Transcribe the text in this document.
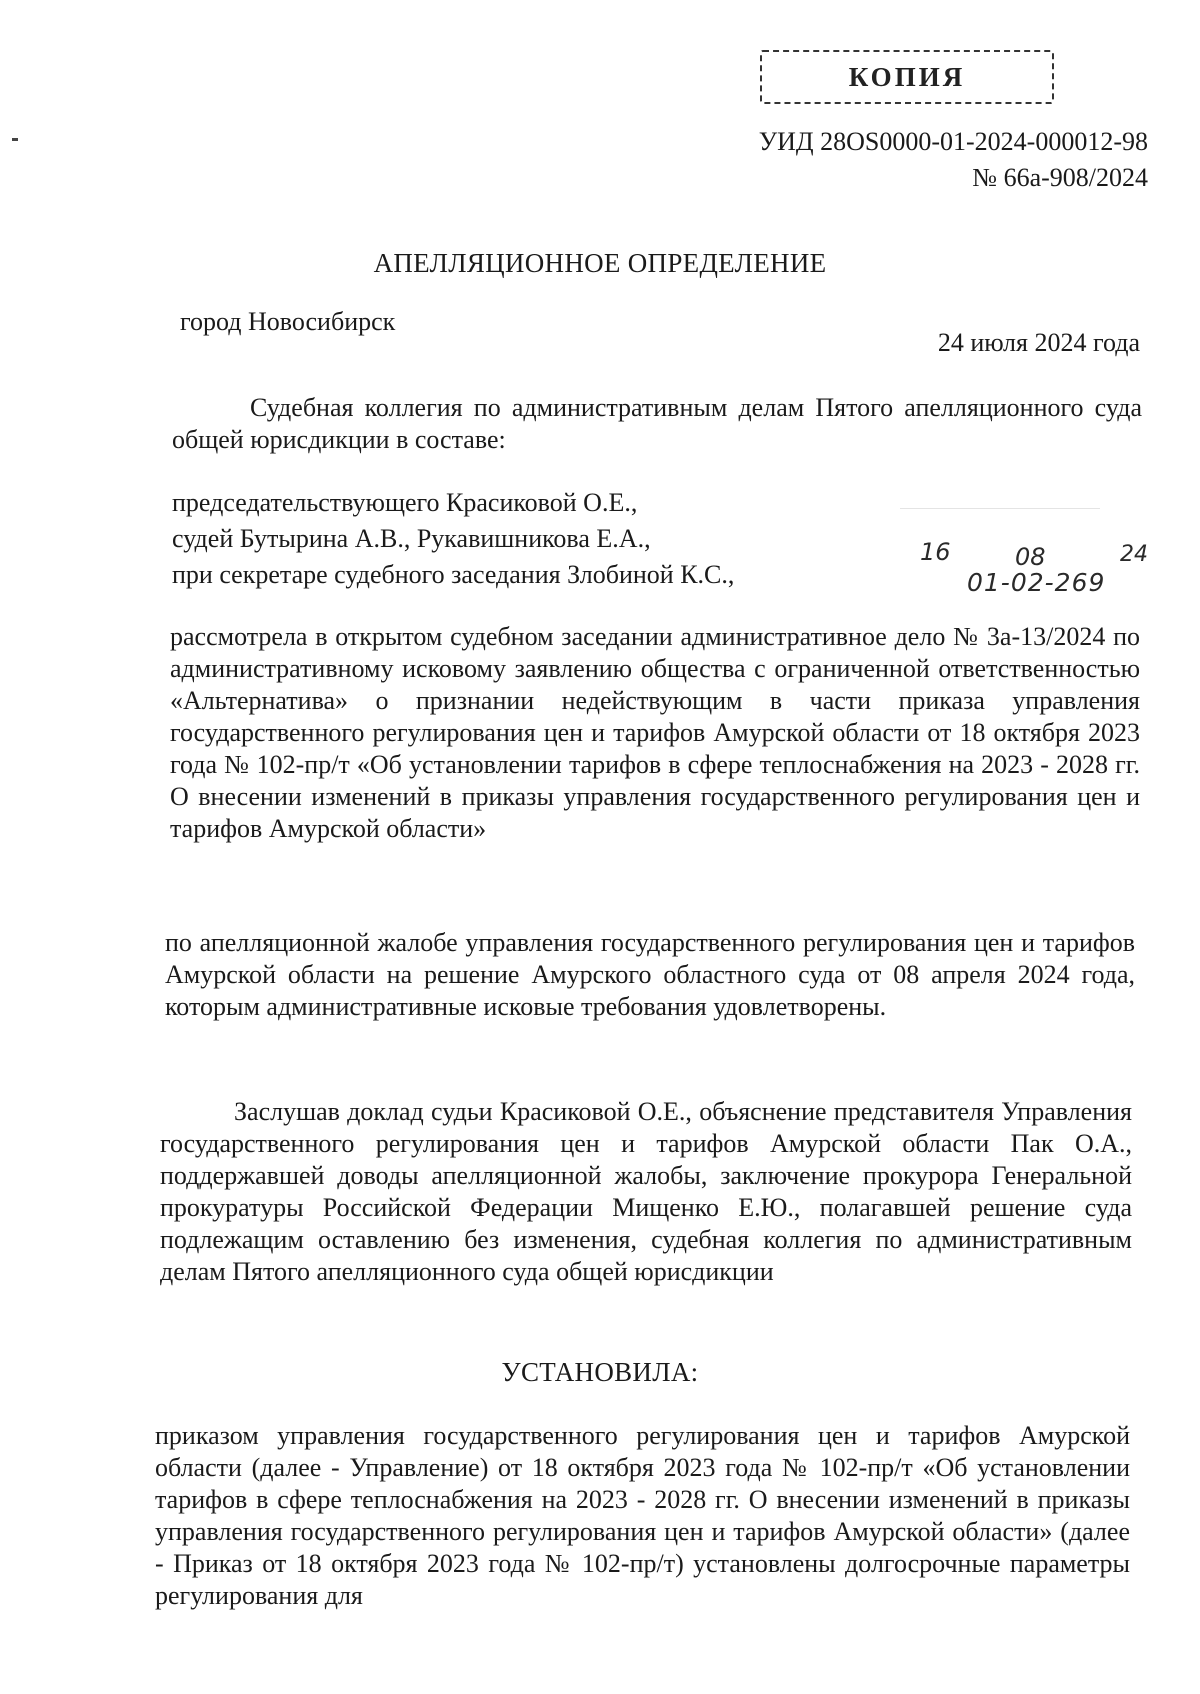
КОПИЯ
УИД 28OS0000-01-2024-000012-98
№ 66а-908/2024
АПЕЛЛЯЦИОННОЕ ОПРЕДЕЛЕНИЕ
город Новосибирск
24 июля 2024 года

Судебная коллегия по административным делам Пятого апелляционного суда общей юрисдикции в составе:

председательствующего Красиковой О.Е.,
судей Бутырина А.В., Рукавишникова Е.А.,
при секретаре судебного заседания Злобиной К.С.,
16	08	24
01-02-269

рассмотрела в открытом судебном заседании административное дело № 3а-13/2024 по административному исковому заявлению общества с ограниченной ответственностью «Альтернатива» о признании недействующим в части приказа управления государственного регулирования цен и тарифов Амурской области от 18 октября 2023 года № 102-пр/т «Об установлении тарифов в сфере теплоснабжения на 2023 - 2028 гг. О внесении изменений в приказы управления государственного регулирования цен и тарифов Амурской области»

по апелляционной жалобе управления государственного регулирования цен и тарифов Амурской области на решение Амурского областного суда от 08 апреля 2024 года, которым административные исковые требования удовлетворены.

Заслушав доклад судьи Красиковой О.Е., объяснение представителя Управления государственного регулирования цен и тарифов Амурской области Пак О.А., поддержавшей доводы апелляционной жалобы, заключение прокурора Генеральной прокуратуры Российской Федерации Мищенко Е.Ю., полагавшей решение суда подлежащим оставлению без изменения, судебная коллегия по административным делам Пятого апелляционного суда общей юрисдикции

УСТАНОВИЛА:

приказом управления государственного регулирования цен и тарифов Амурской области (далее - Управление) от 18 октября 2023 года № 102-пр/т «Об установлении тарифов в сфере теплоснабжения на 2023 - 2028 гг. О внесении изменений в приказы управления государственного регулирования цен и тарифов Амурской области» (далее - Приказ от 18 октября 2023 года № 102-пр/т) установлены долгосрочные параметры регулирования для
